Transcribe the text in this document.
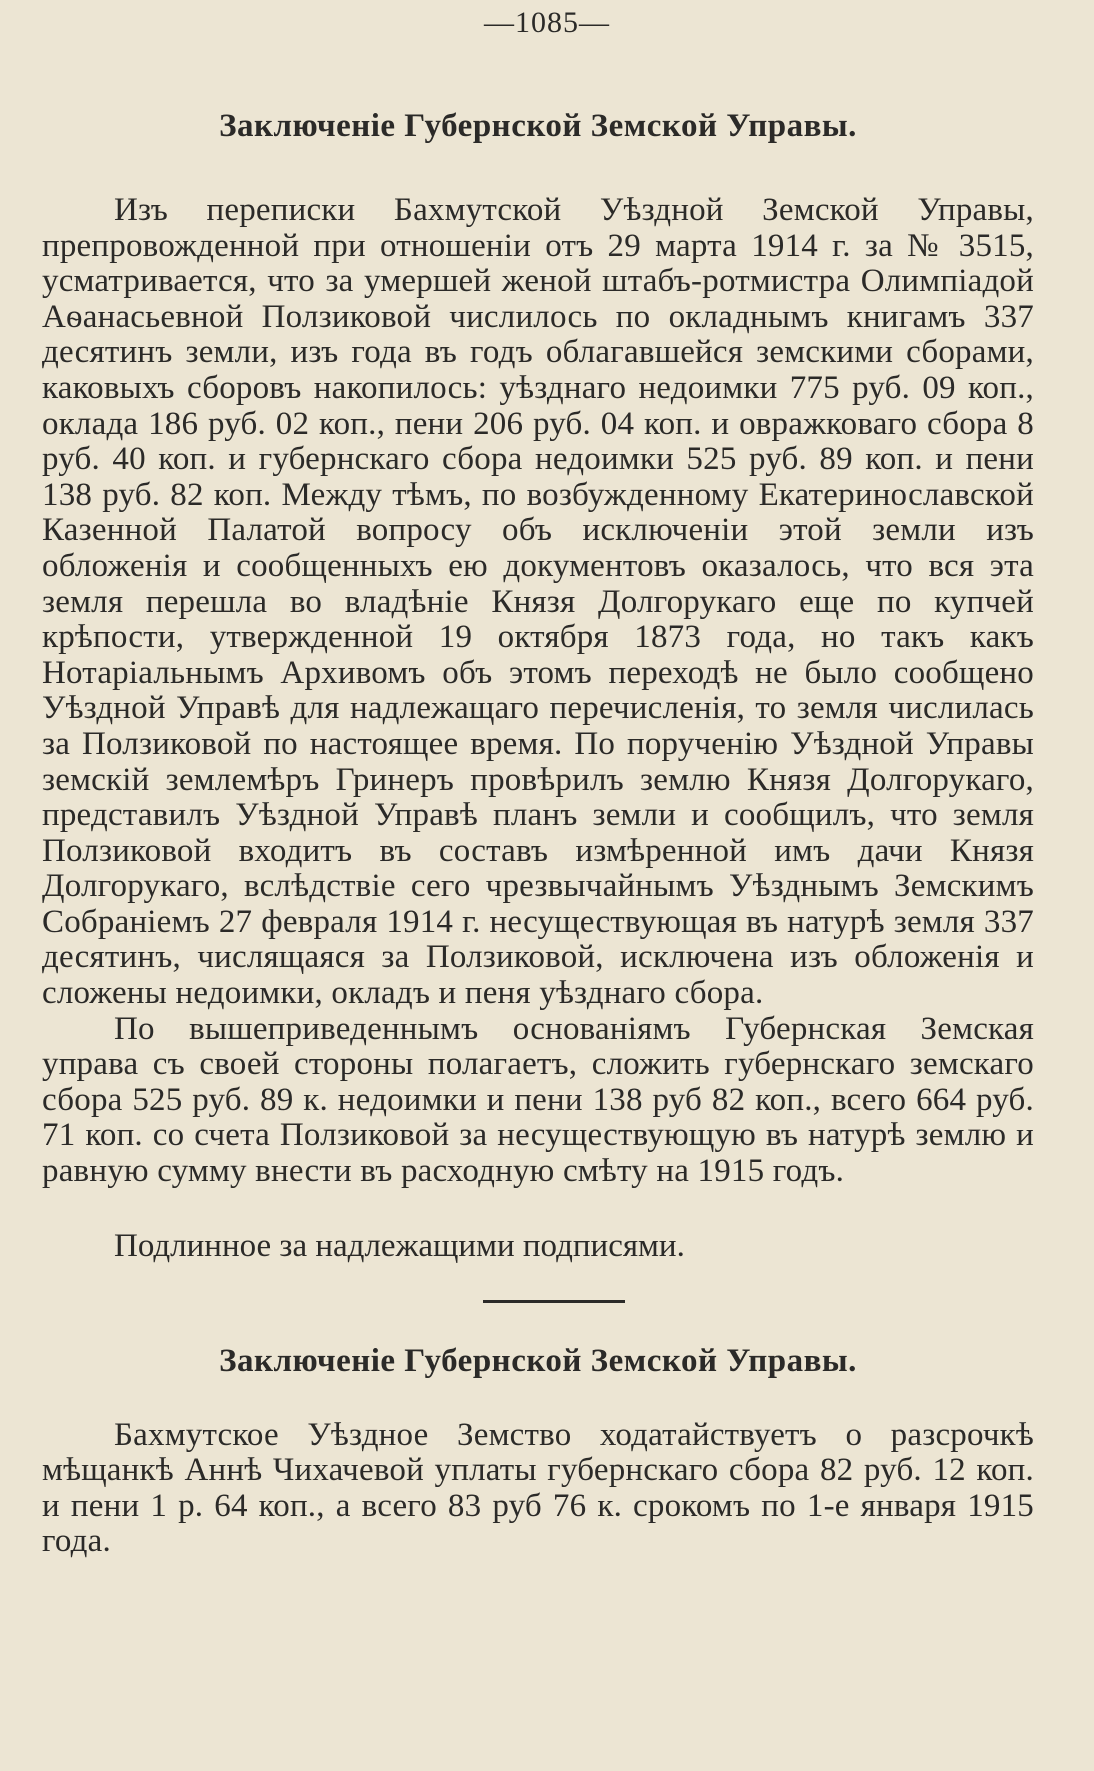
—1085—
Заключенiе Губернской Земской Управы.

Изъ переписки Бахмутской Уѣздной Земской Управы, препровожденной при отношенiи отъ 29 марта 1914 г. за № 3515, усматривается, что за умершей женой штабъ-ротмистра Олимпiадой Аѳанасьевной Ползиковой числилось по окладнымъ книгамъ 337 десятинъ земли, изъ года въ годъ облагавшейся земскими сборами, каковыхъ сборовъ накопилось: уѣзднаго недоимки 775 руб. 09 коп., оклада 186 руб. 02 коп., пени 206 руб. 04 коп. и овражковаго сбора 8 руб. 40 коп. и губернскаго сбора недоимки 525 руб. 89 коп. и пени 138 руб. 82 коп. Между тѣмъ, по возбужденному Екатеринославской Казенной Палатой вопросу объ исключенiи этой земли изъ обложенiя и сообщенныхъ ею документовъ оказалось, что вся эта земля перешла во владѣнiе Князя Долгорукаго еще по купчей крѣпости, утвержденной 19 октября 1873 года, но такъ какъ Нотарiальнымъ Архивомъ объ этомъ переходѣ не было сообщено Уѣздной Управѣ для надлежащаго перечисленiя, то земля числилась за Ползиковой по настоящее время. По порученiю Уѣздной Управы земскiй землемѣръ Гринеръ провѣрилъ землю Князя Долгорукаго, представилъ Уѣздной Управѣ планъ земли и сообщилъ, что земля Ползиковой входитъ въ составъ измѣренной имъ дачи Князя Долгорукаго, вслѣдствiе сего чрезвычайнымъ Уѣзднымъ Земскимъ Собранiемъ 27 февраля 1914 г. несуществующая въ натурѣ земля 337 десятинъ, числящаяся за Ползиковой, исключена изъ обложенiя и сложены недоимки, окладъ и пеня уѣзднаго сбора.

По вышеприведеннымъ основанiямъ Губернская Земская управа съ своей стороны полагаетъ, сложить губернскаго земскаго сбора 525 руб. 89 к. недоимки и пени 138 руб 82 коп., всего 664 руб. 71 коп. со счета Ползиковой за несуществующую въ натурѣ землю и равную сумму внести въ расходную смѣту на 1915 годъ.

Подлинное за надлежащими подписями.

Заключенiе Губернской Земской Управы.

Бахмутское Уѣздное Земство ходатайствуетъ о разсрочкѣ мѣщанкѣ Аннѣ Чихачевой уплаты губернскаго сбора 82 руб. 12 коп. и пени 1 р. 64 коп., а всего 83 руб 76 к. срокомъ по 1-е января 1915 года.
